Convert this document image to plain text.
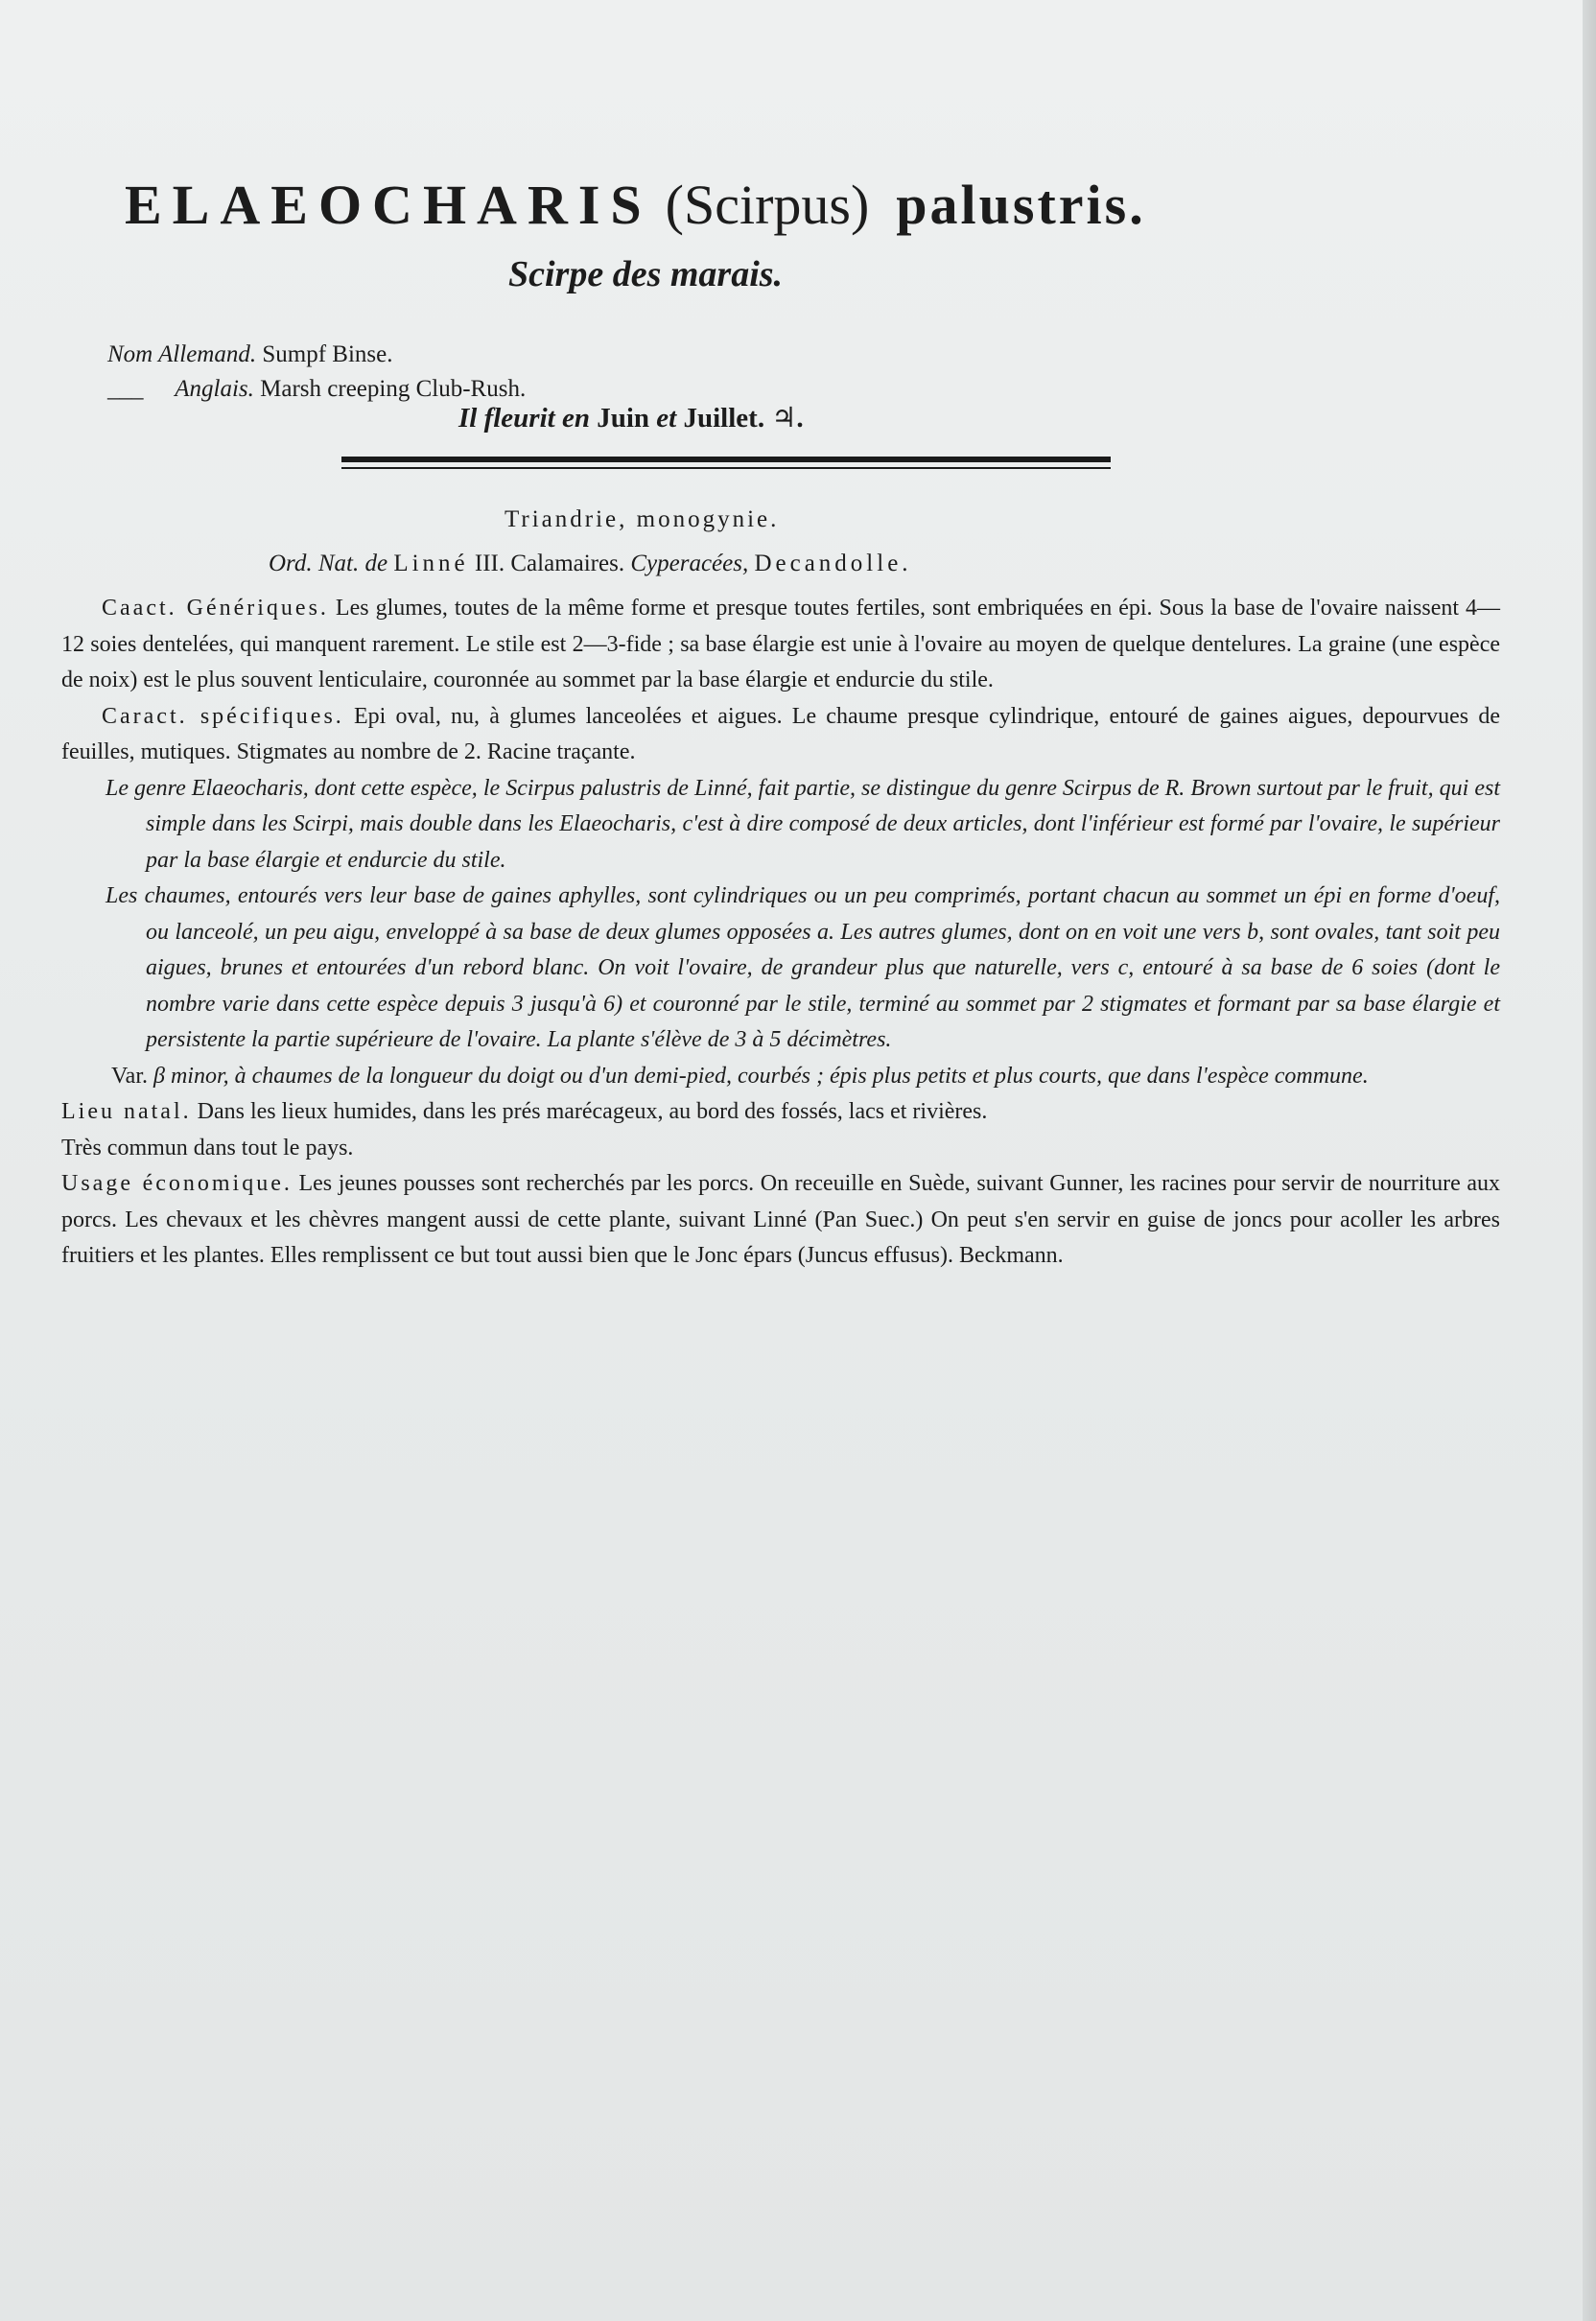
ELAEOCHARIS (Scirpus) palustris.
Scirpe des marais.
Nom Allemand. Sumpf Binse.
___ Anglais. Marsh creeping Club-Rush.
Il fleurit en Juin et Juillet. ♃.
Triandrie, monogynie.
Ord. Nat. de Linné III. Calamaires. Cyperacées, Decandolle.

Caact. Génériques. Les glumes, toutes de la même forme et presque toutes fertiles, sont embriquées en épi. Sous la base de l'ovaire naissent 4—12 soies dentelées, qui manquent rarement. Le stile est 2—3-fide ; sa base élargie est unie à l'ovaire au moyen de quelque dentelures. La graine (une espèce de noix) est le plus souvent lenticulaire, couronnée au sommet par la base élargie et endurcie du stile.

Caract. spécifiques. Epi oval, nu, à glumes lanceolées et aigues. Le chaume presque cylindrique, entouré de gaines aigues, depourvues de feuilles, mutiques. Stigmates au nombre de 2. Racine traçante.

Le genre Elaeocharis, dont cette espèce, le Scirpus palustris de Linné, fait partie, se distingue du genre Scirpus de R. Brown surtout par le fruit, qui est simple dans les Scirpi, mais double dans les Elaeocharis, c'est à dire composé de deux articles, dont l'inférieur est formé par l'ovaire, le supérieur par la base élargie et endurcie du stile.

Les chaumes, entourés vers leur base de gaines aphylles, sont cylindriques ou un peu comprimés, portant chacun au sommet un épi en forme d'oeuf, ou lanceolé, un peu aigu, enveloppé à sa base de deux glumes opposées a. Les autres glumes, dont on en voit une vers b, sont ovales, tant soit peu aigues, brunes et entourées d'un rebord blanc. On voit l'ovaire, de grandeur plus que naturelle, vers c, entouré à sa base de 6 soies (dont le nombre varie dans cette espèce depuis 3 jusqu'à 6) et couronné par le stile, terminé au sommet par 2 stigmates et formant par sa base élargie et persistente la partie supérieure de l'ovaire. La plante s'élève de 3 à 5 décimètres.

Var. β minor, à chaumes de la longueur du doigt ou d'un demi-pied, courbés ; épis plus petits et plus courts, que dans l'espèce commune.

Lieu natal. Dans les lieux humides, dans les prés marécageux, au bord des fossés, lacs et rivières.

Très commun dans tout le pays.

Usage économique. Les jeunes pousses sont recherchés par les porcs. On receuille en Suède, suivant Gunner, les racines pour servir de nourriture aux porcs. Les chevaux et les chèvres mangent aussi de cette plante, suivant Linné (Pan Suec.) On peut s'en servir en guise de joncs pour acoller les arbres fruitiers et les plantes. Elles remplissent ce but tout aussi bien que le Jonc épars (Juncus effusus). Beckmann.
